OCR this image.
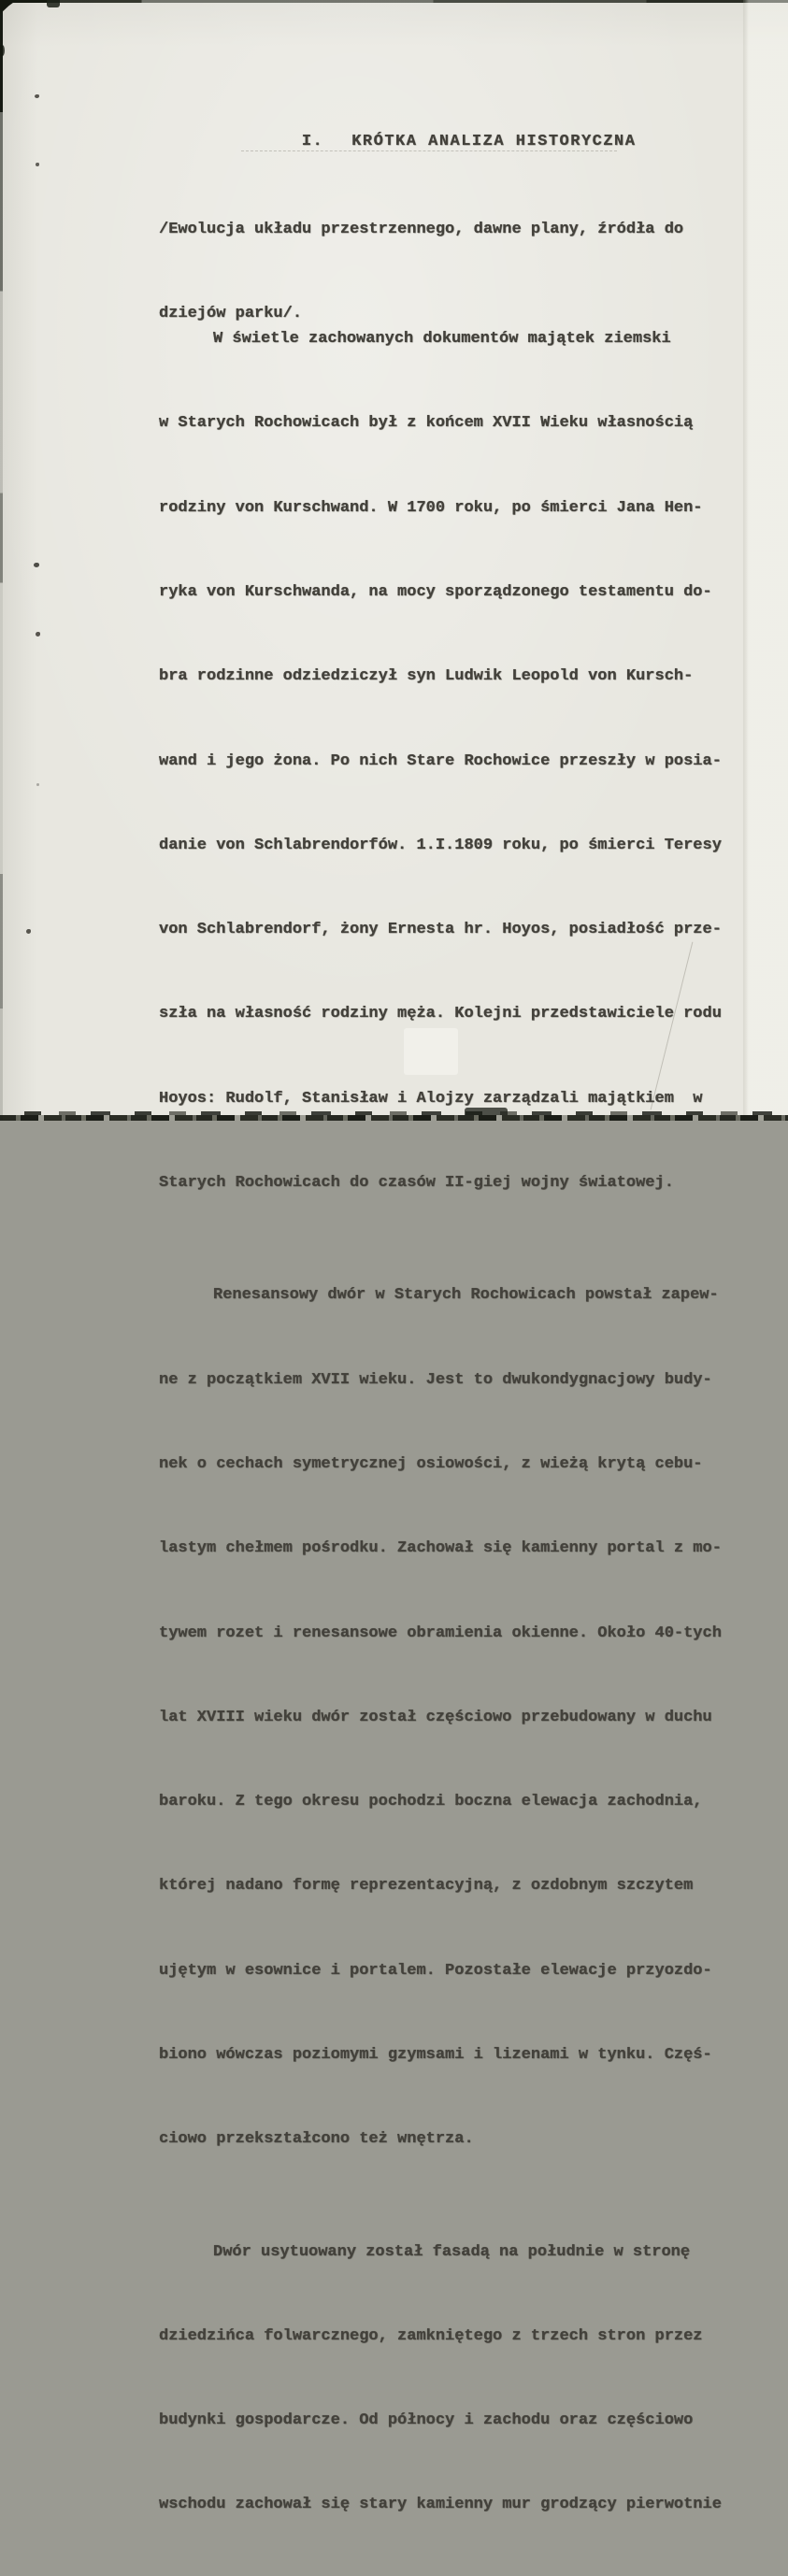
I. KRÓTKA ANALIZA HISTORYCZNA

/Ewolucja układu przestrzennego, dawne plany, źródła do

dziejów parku/.

W świetle zachowanych dokumentów majątek ziemski

w Starych Rochowicach był z końcem XVII Wieku własnością

rodziny von Kurschwand. W 1700 roku, po śmierci Jana Hen-

ryka von Kurschwanda, na mocy sporządzonego testamentu do-

bra rodzinne odziedziczył syn Ludwik Leopold von Kursch-

wand i jego żona. Po nich Stare Rochowice przeszły w posia-

danie von Schlabrendorfów. 1.I.1809 roku, po śmierci Teresy

von Schlabrendorf, żony Ernesta hr. Hoyos, posiadłość prze-

szła na własność rodziny męża. Kolejni przedstawiciele rodu

Hoyos: Rudolf, Stanisław i Alojzy zarządzali majątkiem  w

Starych Rochowicach do czasów II-giej wojny światowej.

Renesansowy dwór w Starych Rochowicach powstał zapew-

ne z początkiem XVII wieku. Jest to dwukondygnacjowy budy-

nek o cechach symetrycznej osiowości, z wieżą krytą cebu-

lastym chełmem pośrodku. Zachował się kamienny portal z mo-

tywem rozet i renesansowe obramienia okienne. Około 40-tych

lat XVIII wieku dwór został częściowo przebudowany w duchu

baroku. Z tego okresu pochodzi boczna elewacja zachodnia,

której nadano formę reprezentacyjną, z ozdobnym szczytem

ujętym w esownice i portalem. Pozostałe elewacje przyozdo-

biono wówczas poziomymi gzymsami i lizenami w tynku. Częś-

ciowo przekształcono też wnętrza.

Dwór usytuowany został fasadą na południe w stronę

dziedzińca folwarcznego, zamkniętego z trzech stron przez

budynki gospodarcze. Od północy i zachodu oraz częściowo

wschodu zachował się stary kamienny mur grodzący pierwotnie
